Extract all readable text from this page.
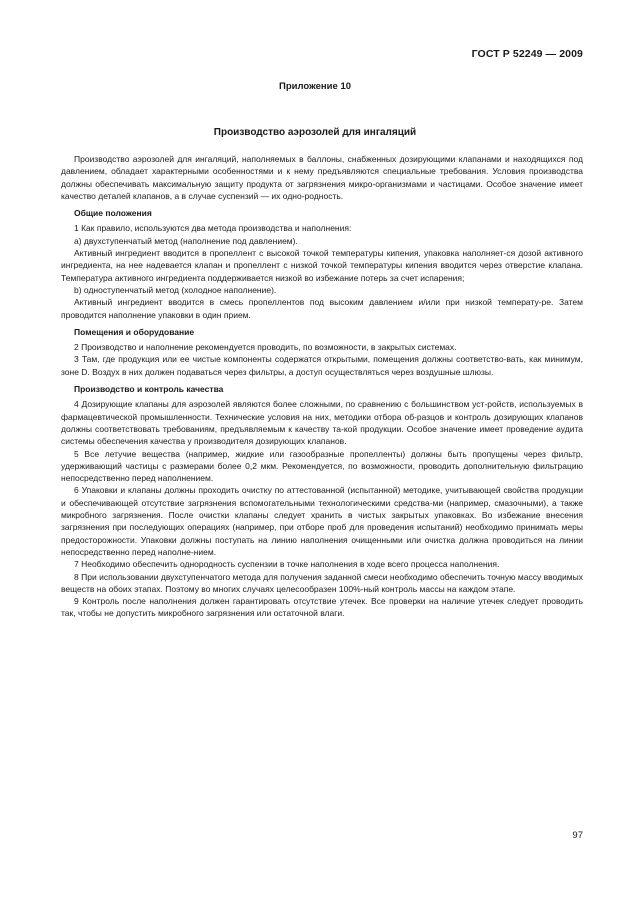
ГОСТ Р 52249 — 2009
Приложение 10
Производство аэрозолей для ингаляций

Производство аэрозолей для ингаляций, наполняемых в баллоны, снабженных дозирующими клапанами и находящихся под давлением, обладает характерными особенностями и к нему предъявляются специальные требования. Условия производства должны обеспечивать максимальную защиту продукта от загрязнения микро-организмами и частицами. Особое значение имеет качество деталей клапанов, а в случае суспензий — их одно-родность.

Общие положения

1 Как правило, используются два метода производства и наполнения:

а) двухступенчатый метод (наполнение под давлением).

Активный ингредиент вводится в пропеллент с высокой точкой температуры кипения, упаковка наполняет-ся дозой активного ингредиента, на нее надевается клапан и пропеллент с низкой точкой температуры кипения вводится через отверстие клапана. Температура активного ингредиента поддерживается низкой во избежание потерь за счет испарения;

b) одноступенчатый метод (холодное наполнение).

Активный ингредиент вводится в смесь пропеллентов под высоким давлением и/или при низкой температу-ре. Затем проводится наполнение упаковки в один прием.

Помещения и оборудование

2 Производство и наполнение рекомендуется проводить, по возможности, в закрытых системах.

3 Там, где продукция или ее чистые компоненты содержатся открытыми, помещения должны соответство-вать, как минимум, зоне D. Воздух в них должен подаваться через фильтры, а доступ осуществляться через воздушные шлюзы.

Производство и контроль качества

4 Дозирующие клапаны для аэрозолей являются более сложными, по сравнению с большинством уст-ройств, используемых в фармацевтической промышленности. Технические условия на них, методики отбора об-разцов и контроль дозирующих клапанов должны соответствовать требованиям, предъявляемым к качеству та-кой продукции. Особое значение имеет проведение аудита системы обеспечения качества у производителя дозирующих клапанов.

5 Все летучие вещества (например, жидкие или газообразные пропелленты) должны быть пропущены через фильтр, удерживающий частицы с размерами более 0,2 мкм. Рекомендуется, по возможности, проводить дополнительную фильтрацию непосредственно перед наполнением.

6 Упаковки и клапаны должны проходить очистку по аттестованной (испытанной) методике, учитывающей свойства продукции и обеспечивающей отсутствие загрязнения вспомогательными технологическими средства-ми (например, смазочными), а также микробного загрязнения. После очистки клапаны следует хранить в чистых закрытых упаковках. Во избежание внесения загрязнения при последующих операциях (например, при отборе проб для проведения испытаний) необходимо принимать меры предосторожности. Упаковки должны поступать на линию наполнения очищенными или очистка должна проводиться на линии непосредственно перед наполне-нием.

7 Необходимо обеспечить однородность суспензии в точке наполнения в ходе всего процесса наполнения.

8 При использовании двухступенчатого метода для получения заданной смеси необходимо обеспечить точную массу вводимых веществ на обоих этапах. Поэтому во многих случаях целесообразен 100%-ный контроль массы на каждом этапе.

9 Контроль после наполнения должен гарантировать отсутствие утечек. Все проверки на наличие утечек следует проводить так, чтобы не допустить микробного загрязнения или остаточной влаги.

97
